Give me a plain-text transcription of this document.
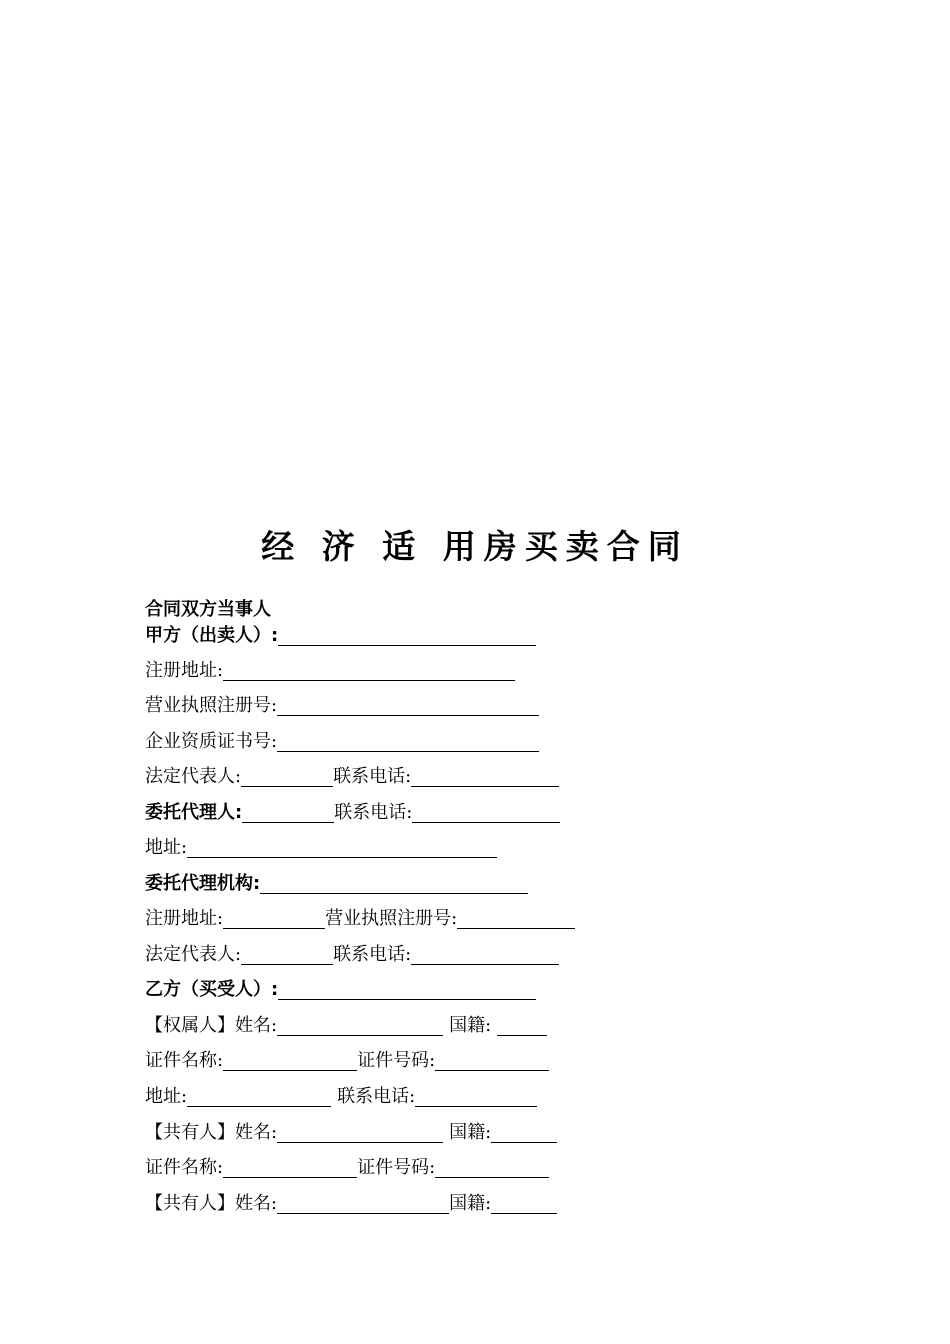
经 济 适 用房买卖合同
合同双方当事人
甲方（出卖人）:
注册地址:
营业执照注册号:
企业资质证书号:
法定代表人:	联系电话:
委托代理人:	联系电话:
地址:
委托代理机构:
注册地址:	营业执照注册号:
法定代表人:	联系电话:
乙方（买受人）:
【权属人】姓名:	国籍:
证件名称:	证件号码:
地址:	联系电话:
【共有人】姓名:	国籍:
证件名称:	证件号码:
【共有人】姓名:	国籍:
